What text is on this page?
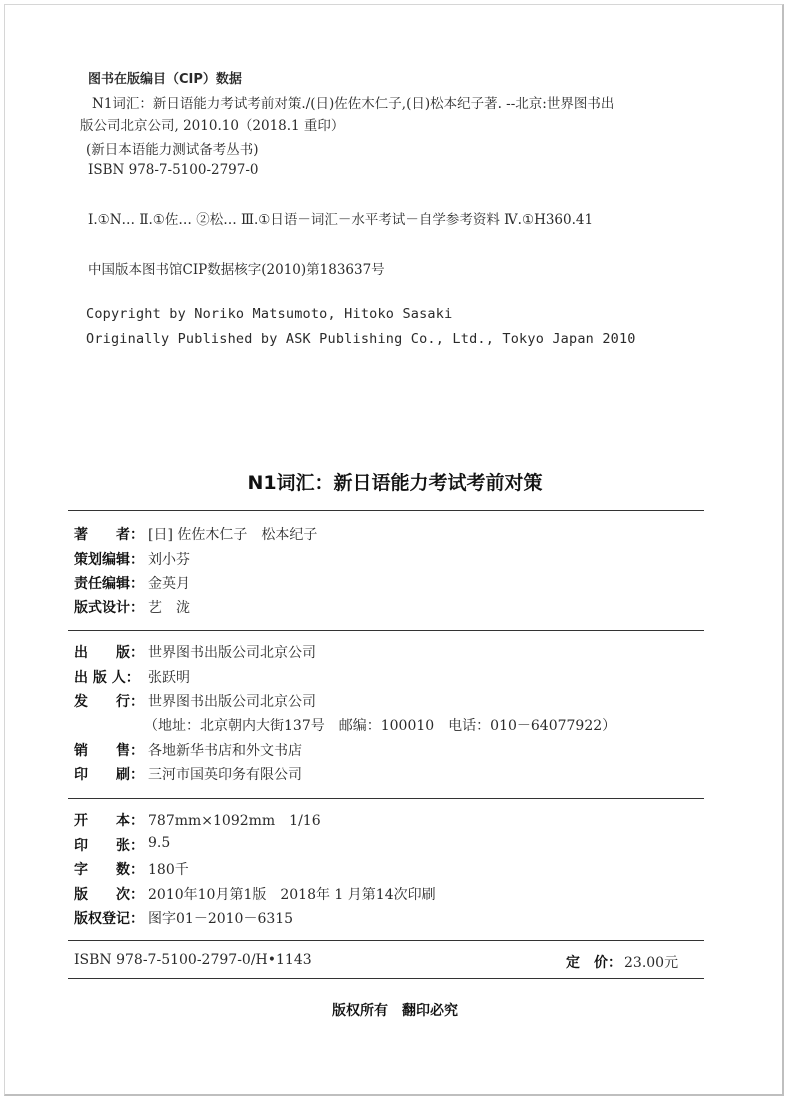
图书在版编目（CIP）数据
N1词汇：新日语能力考试考前对策./(日)佐佐木仁子,(日)松本纪子著. --北京:世界图书出
版公司北京公司, 2010.10（2018.1 重印）
(新日本语能力测试备考丛书)
ISBN 978-7-5100-2797-0
Ⅰ.①N… Ⅱ.①佐… ②松… Ⅲ.①日语－词汇－水平考试－自学参考资料 Ⅳ.①H360.41
中国版本图书馆CIP数据核字(2010)第183637号
Copyright by Noriko Matsumoto, Hitoko Sasaki
Originally Published by ASK Publishing Co., Ltd., Tokyo Japan 2010
N1词汇：新日语能力考试考前对策
著　　者： [日] 佐佐木仁子　松本纪子
策划编辑： 刘小芬
责任编辑： 金英月
版式设计： 艺　泷
出　　版： 世界图书出版公司北京公司
出 版 人： 张跃明
发　　行： 世界图书出版公司北京公司
（地址：北京朝内大街137号　邮编：100010　电话：010－64077922）
销　　售： 各地新华书店和外文书店
印　　刷： 三河市国英印务有限公司
开　　本： 787mm×1092mm　1/16
印　　张： 9.5
字　　数： 180千
版　　次： 2010年10月第1版　2018年 1 月第14次印刷
版权登记： 图字01－2010－6315
ISBN 978-7-5100-2797-0/H•1143	定　价： 23.00元
版权所有　翻印必究
